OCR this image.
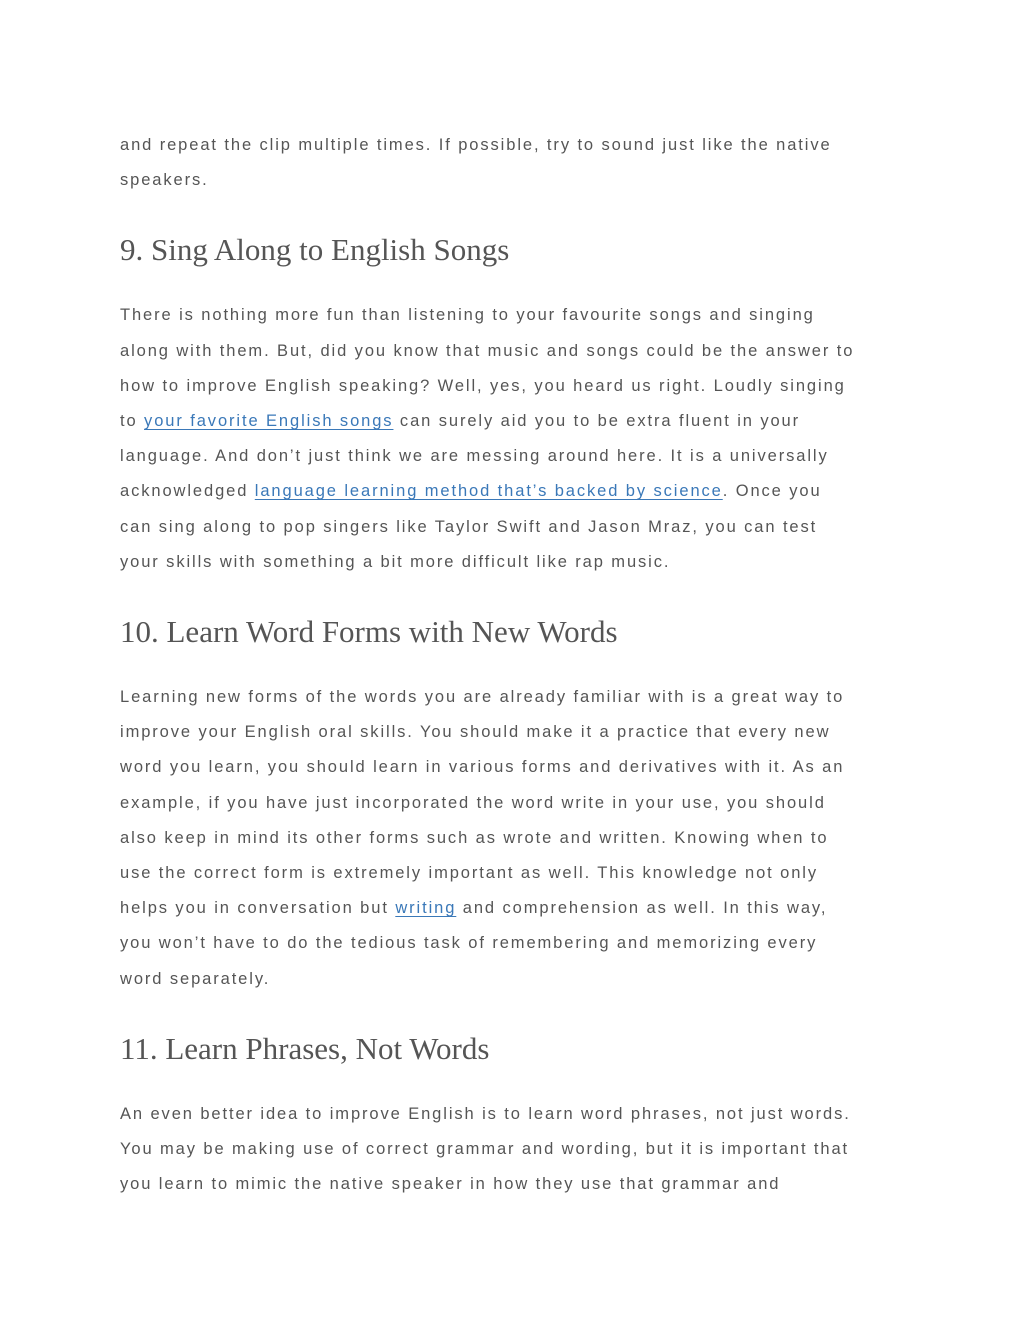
and repeat the clip multiple times. If possible, try to sound just like the native
speakers.

9. Sing Along to English Songs

There is nothing more fun than listening to your favourite songs and singing
along with them. But, did you know that music and songs could be the answer to
how to improve English speaking? Well, yes, you heard us right. Loudly singing
to your favorite English songs can surely aid you to be extra fluent in your
language. And don’t just think we are messing around here. It is a universally
acknowledged language learning method that’s backed by science. Once you
can sing along to pop singers like Taylor Swift and Jason Mraz, you can test
your skills with something a bit more difficult like rap music.

10. Learn Word Forms with New Words

Learning new forms of the words you are already familiar with is a great way to
improve your English oral skills. You should make it a practice that every new
word you learn, you should learn in various forms and derivatives with it. As an
example, if you have just incorporated the word write in your use, you should
also keep in mind its other forms such as wrote and written. Knowing when to
use the correct form is extremely important as well. This knowledge not only
helps you in conversation but writing and comprehension as well. In this way,
you won’t have to do the tedious task of remembering and memorizing every
word separately.

11. Learn Phrases, Not Words

An even better idea to improve English is to learn word phrases, not just words.
You may be making use of correct grammar and wording, but it is important that
you learn to mimic the native speaker in how they use that grammar and
